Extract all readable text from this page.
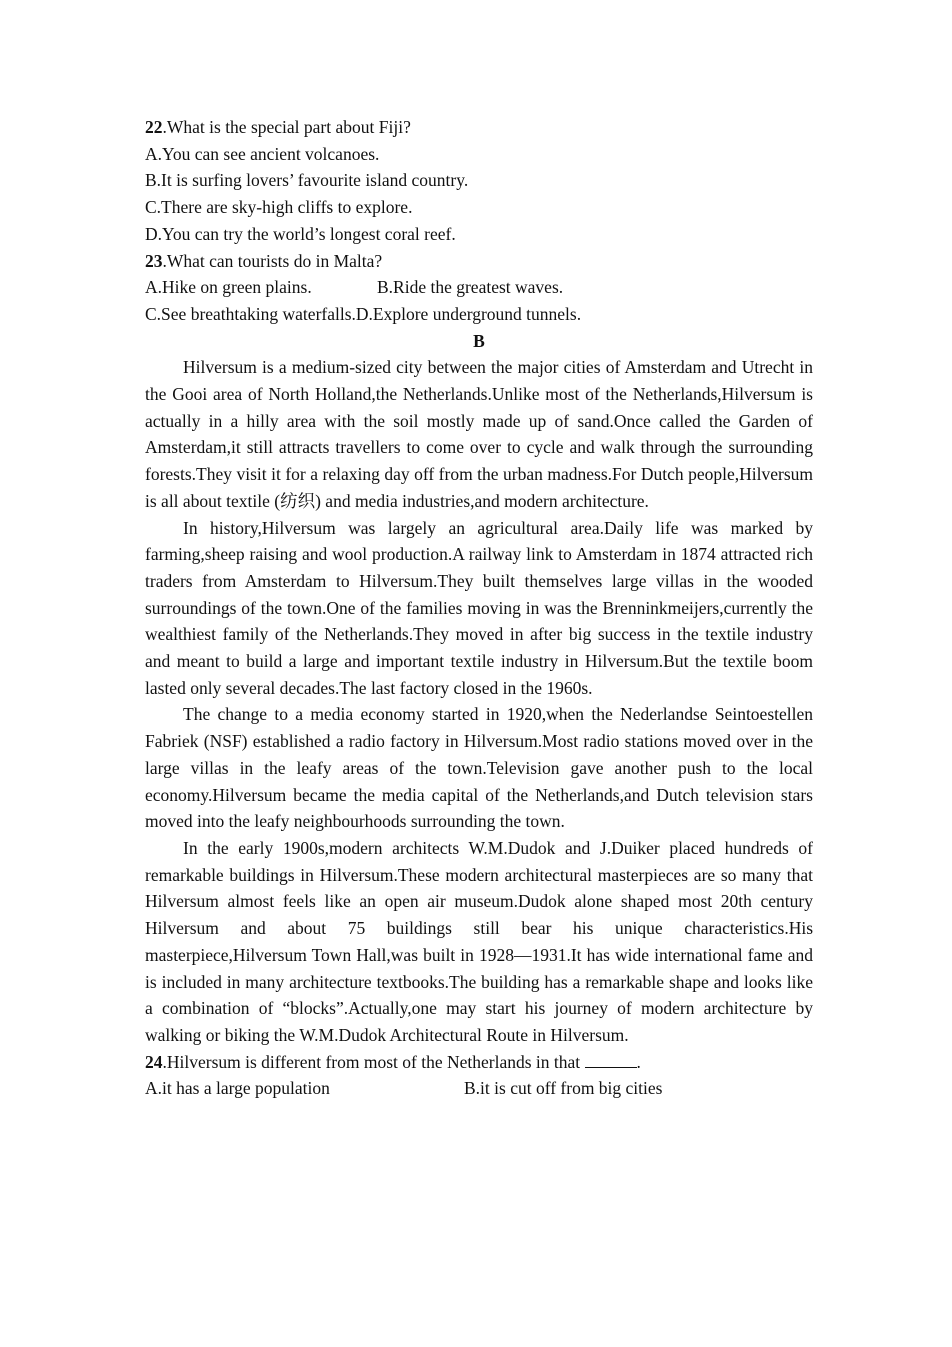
22.What is the special part about Fiji?
A.You can see ancient volcanoes.
B.It is surfing lovers’ favourite island country.
C.There are sky-high cliffs to explore.
D.You can try the world’s longest coral reef.
23.What can tourists do in Malta?
A.Hike on green plains.	B.Ride the greatest waves.
C.See breathtaking waterfalls.D.Explore underground tunnels.
B
Hilversum is a medium-sized city between the major cities of Amsterdam and Utrecht in the Gooi area of North Holland,the Netherlands.Unlike most of the Netherlands,Hilversum is actually in a hilly area with the soil mostly made up of sand.Once called the Garden of Amsterdam,it still attracts travellers to come over to cycle and walk through the surrounding forests.They visit it for a relaxing day off from the urban madness.For Dutch people,Hilversum is all about textile (纺织) and media industries,and modern architecture.
In history,Hilversum was largely an agricultural area.Daily life was marked by farming,sheep raising and wool production.A railway link to Amsterdam in 1874 attracted rich traders from Amsterdam to Hilversum.They built themselves large villas in the wooded surroundings of the town.One of the families moving in was the Brenninkmeijers,currently the wealthiest family of the Netherlands.They moved in after big success in the textile industry and meant to build a large and important textile industry in Hilversum.But the textile boom lasted only several decades.The last factory closed in the 1960s.
The change to a media economy started in 1920,when the Nederlandse Seintoestellen Fabriek (NSF) established a radio factory in Hilversum.Most radio stations moved over in the large villas in the leafy areas of the town.Television gave another push to the local economy.Hilversum became the media capital of the Netherlands,and Dutch television stars moved into the leafy neighbourhoods surrounding the town.
In the early 1900s,modern architects W.M.Dudok and J.Duiker placed hundreds of remarkable buildings in Hilversum.These modern architectural masterpieces are so many that Hilversum almost feels like an open air museum.Dudok alone shaped most 20th century Hilversum and about 75 buildings still bear his unique characteristics.His masterpiece,Hilversum Town Hall,was built in 1928—1931.It has wide international fame and is included in many architecture textbooks.The building has a remarkable shape and looks like a combination of “blocks”.Actually,one may start his journey of modern architecture by walking or biking the W.M.Dudok Architectural Route in Hilversum.
24.Hilversum is different from most of the Netherlands in that	.
A.it has a large population	B.it is cut off from big cities
